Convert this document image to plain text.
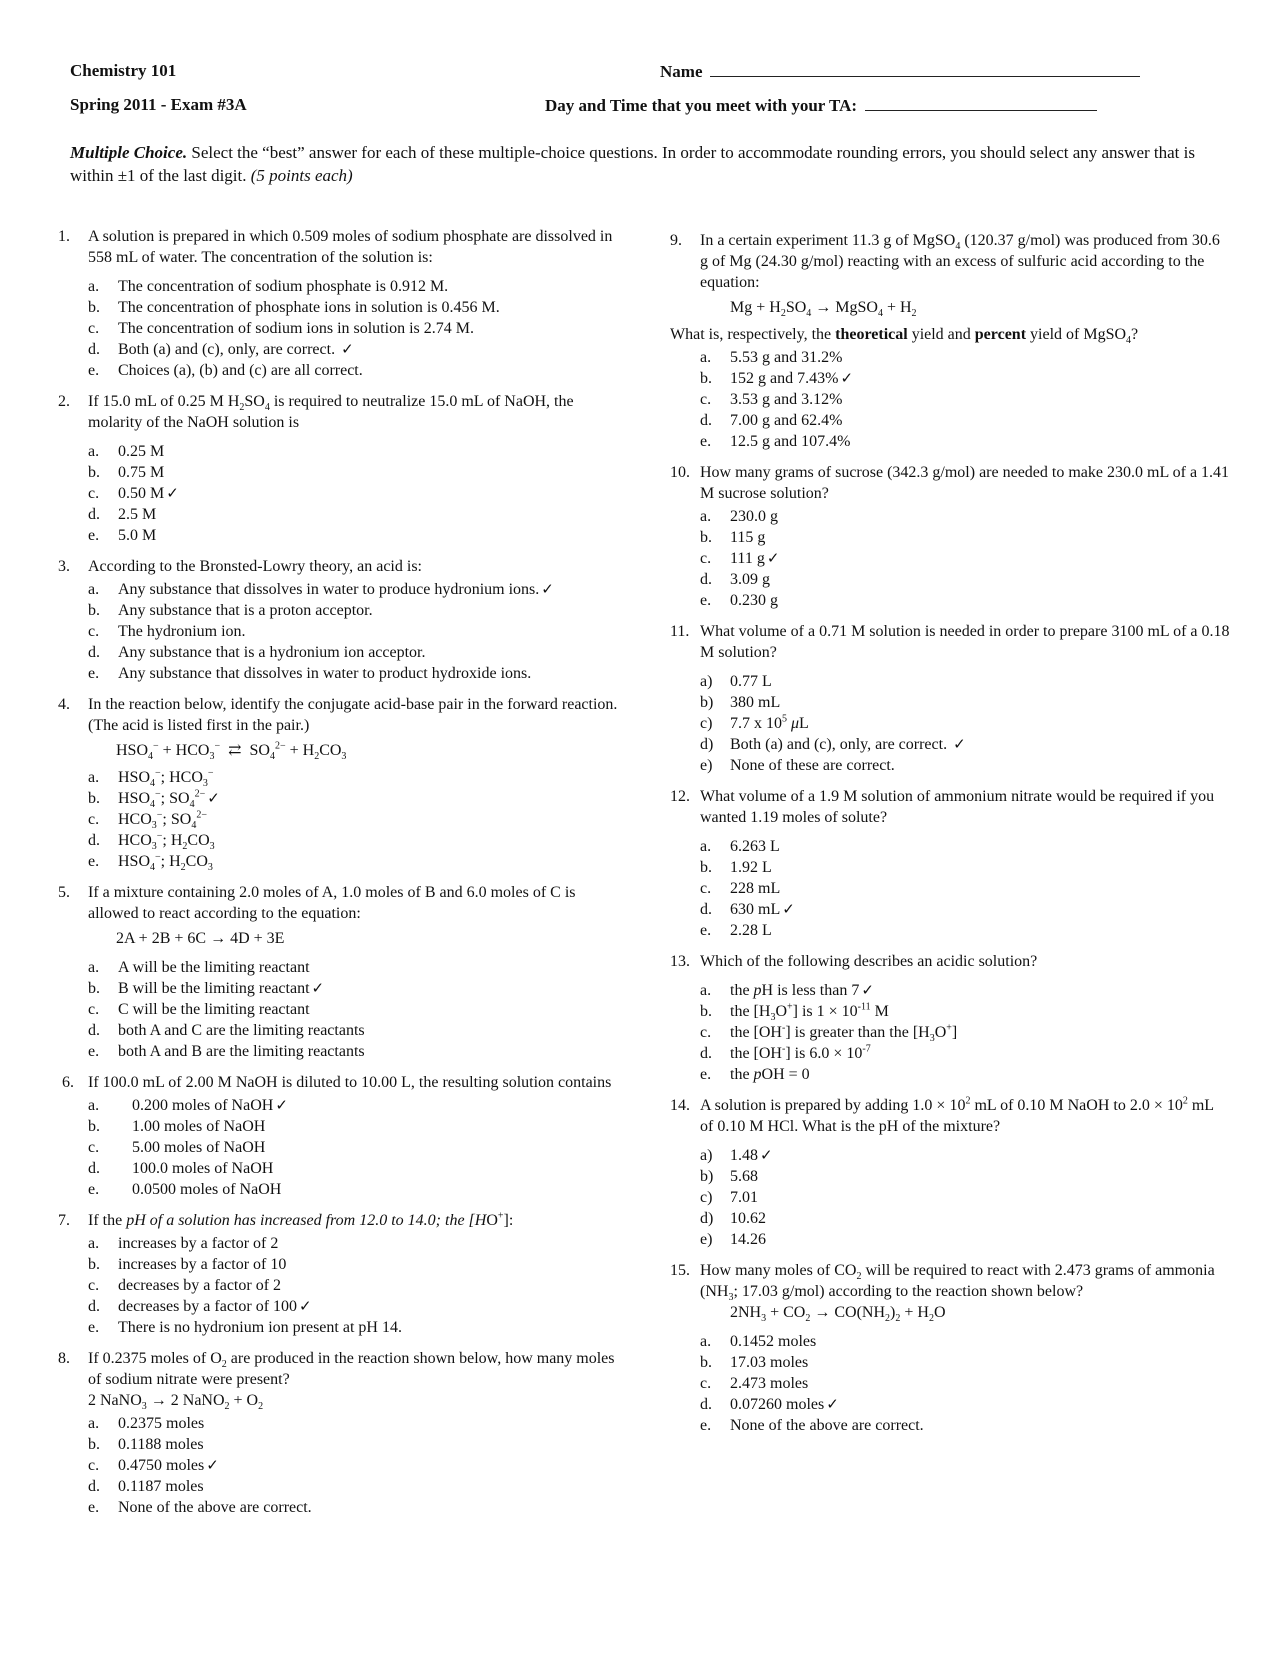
Chemistry 101
Spring 2011 - Exam #3A
Name
Day and Time that you meet with your TA:
Multiple Choice. Select the “best” answer for each of these multiple-choice questions. In order to accommodate rounding errors, you should select any answer that is within ±1 of the last digit. (5 points each)
1. A solution is prepared in which 0.509 moles of sodium phosphate are dissolved in 558 mL of water. The concentration of the solution is:
a. The concentration of sodium phosphate is 0.912 M.
b. The concentration of phosphate ions in solution is 0.456 M.
c. The concentration of sodium ions in solution is 2.74 M.
d. Both (a) and (c), only, are correct. ✓
e. Choices (a), (b) and (c) are all correct.
2. If 15.0 mL of 0.25 M $H_2SO_4$ is required to neutralize 15.0 mL of NaOH, the molarity of the NaOH solution is
a. 0.25 M
b. 0.75 M
c. 0.50 M ✓
d. 2.5 M
e. 5.0 M
3. According to the Bronsted-Lowry theory, an acid is:
a. Any substance that dissolves in water to produce hydronium ions. ✓
b. Any substance that is a proton acceptor.
c. The hydronium ion.
d. Any substance that is a hydronium ion acceptor.
e. Any substance that dissolves in water to product hydroxide ions.
4. In the reaction below, identify the conjugate acid-base pair in the forward reaction. (The acid is listed first in the pair.)
$HSO_4^- + HCO_3^-$  ⇄  $SO_4^{2-} + H_2CO_3$
a. $HSO_4^-$; $HCO_3^-$
b. $HSO_4^-$; $SO_4^{2-}$ ✓
c. $HCO_3^-$; $SO_4^{2-}$
d. $HCO_3^-$; $H_2CO_3$
e. $HSO_4^-$; $H_2CO_3$
5. If a mixture containing 2.0 moles of A, 1.0 moles of B and 6.0 moles of C is allowed to react according to the equation:
2A + 2B + 6C → 4D + 3E
a. A will be the limiting reactant
b. B will be the limiting reactant ✓
c. C will be the limiting reactant
d. both A and C are the limiting reactants
e. both A and B are the limiting reactants
6. If 100.0 mL of 2.00 M NaOH is diluted to 10.00 L, the resulting solution contains
a. 0.200 moles of NaOH ✓
b. 1.00 moles of NaOH
c. 5.00 moles of NaOH
d. 100.0 moles of NaOH
e. 0.0500 moles of NaOH
7. If the pH of a solution has increased from 12.0 to 14.0; the [HO+]:
a. increases by a factor of 2
b. increases by a factor of 10
c. decreases by a factor of 2
d. decreases by a factor of 100 ✓
e. There is no hydronium ion present at pH 14.
8. If 0.2375 moles of $O_2$ are produced in the reaction shown below, how many moles of sodium nitrate were present?
2 NaNO$_3$ → 2 NaNO$_2$ + $O_2$
a. 0.2375 moles
b. 0.1188 moles
c. 0.4750 moles ✓
d. 0.1187 moles
e. None of the above are correct.
9. In a certain experiment 11.3 g of MgSO$_4$ (120.37 g/mol) was produced from 30.6 g of Mg (24.30 g/mol) reacting with an excess of sulfuric acid according to the equation:
$Mg + H_2SO_4$ → MgSO$_4$ + $H_2$
What is, respectively, the theoretical yield and percent yield of MgSO$_4$?
a. 5.53 g and 31.2%
b. 152 g and 7.43% ✓
c. 3.53 g and 3.12%
d. 7.00 g and 62.4%
e. 12.5 g and 107.4%
10. How many grams of sucrose (342.3 g/mol) are needed to make 230.0 mL of a 1.41 M sucrose solution?
a. 230.0 g
b. 115 g
c. 111 g ✓
d. 3.09 g
e. 0.230 g
11. What volume of a 0.71 M solution is needed in order to prepare 3100 mL of a 0.18 M solution?
a) 0.77 L
b) 380 mL
c) 7.7 x $10^5$ μL
d) Both (a) and (c), only, are correct. ✓
e) None of these are correct.
12. What volume of a 1.9 M solution of ammonium nitrate would be required if you wanted 1.19 moles of solute?
a. 6.263 L
b. 1.92 L
c. 228 mL
d. 630 mL ✓
e. 2.28 L
13. Which of the following describes an acidic solution?
a. the pH is less than 7 ✓
b. the $[H_3O^+]$ is $1 \times 10^{-11}$ M
c. the [OH-] is greater than the $[H_3O^+]$
d. the [OH-] is $6.0 \times 10^{-7}$
e. the pOH = 0
14. A solution is prepared by adding $1.0 \times 10^2$ mL of 0.10 M NaOH to $2.0 \times 10^2$ mL of 0.10 M HCl. What is the pH of the mixture?
a) 1.48 ✓
b) 5.68
c) 7.01
d) 10.62
e) 14.26
15. How many moles of $CO_2$ will be required to react with 2.473 grams of ammonia ($NH_3$; 17.03 g/mol) according to the reaction shown below?
$2NH_3 + CO_2 \to CO(NH_2)_2 + H_2O$
a. 0.1452 moles
b. 17.03 moles
c. 2.473 moles
d. 0.07260 moles ✓
e. None of the above are correct.
